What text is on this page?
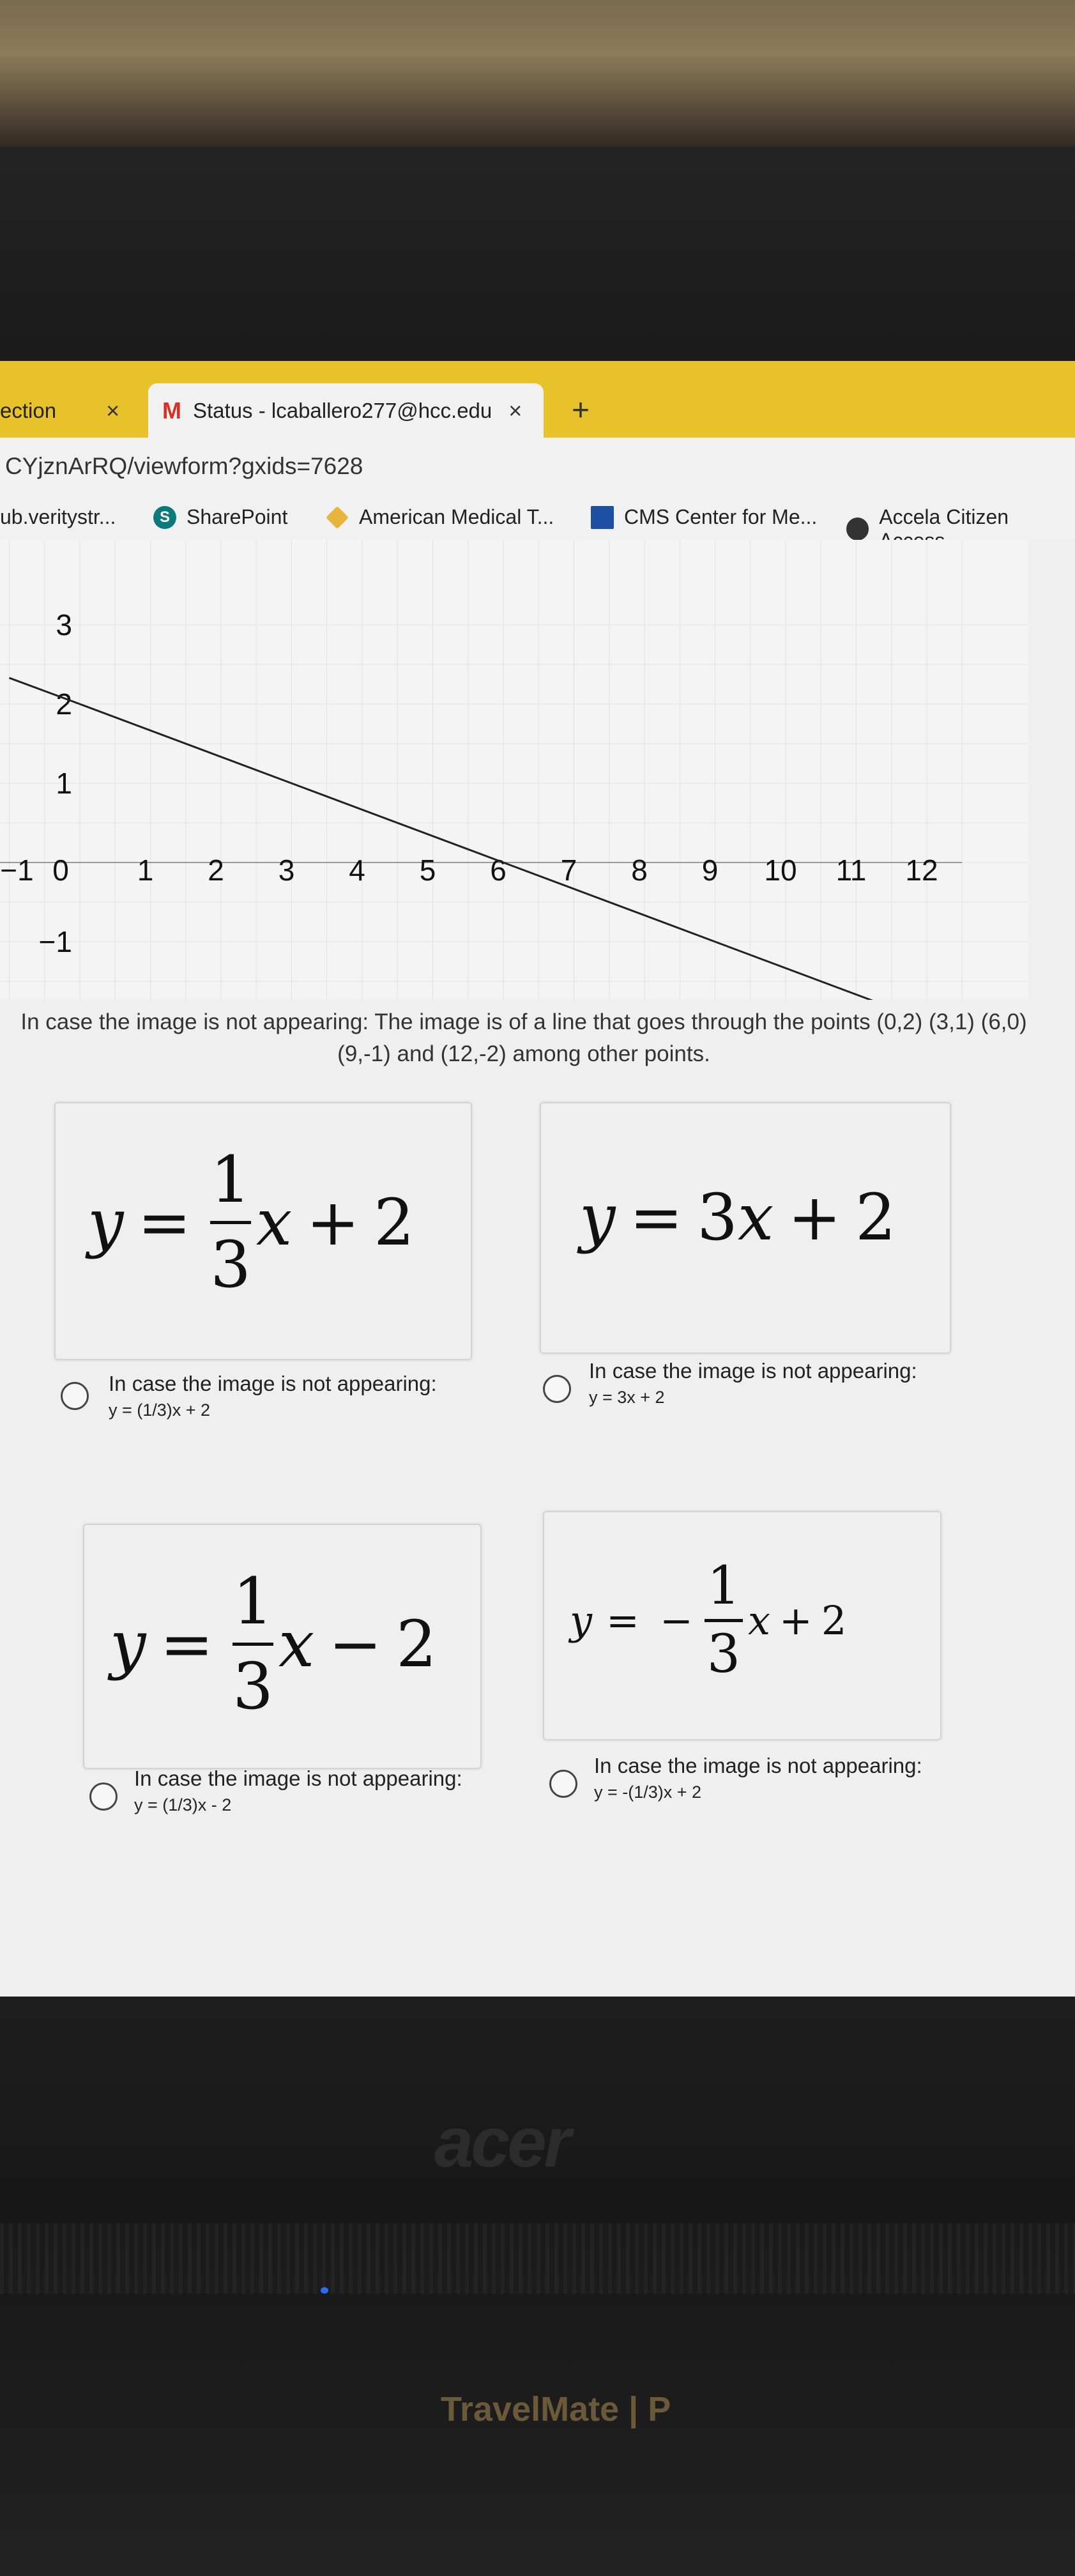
ection × M Status - lcaballero277@hcc.edu × +
CYjznArRQ/viewform?gxids=7628
ub.veritystr...	S SharePoint	American Medical T...	CMS Center for Me...	Accela Citizen
−1 0 1 2 3 4 5 6 7 8 9 10 11 12
3
2
1
−1
In case the image is not appearing: The image is of a line that goes through the points (0,2) (3,1) (6,0) (9,-1) and (12,-2) among other points.
y =
1
3
x + 2
In case the image is not appearing:
y = (1/3)x + 2
y = 3 x + 2
In case the image is not appearing:
y = 3x + 2
y =
1
3
x − 2
In case the image is not appearing:
y = (1/3)x - 2
y = −
1
3
x + 2
In case the image is not appearing:
y = -(1/3)x + 2
acer
TravelMate | P
